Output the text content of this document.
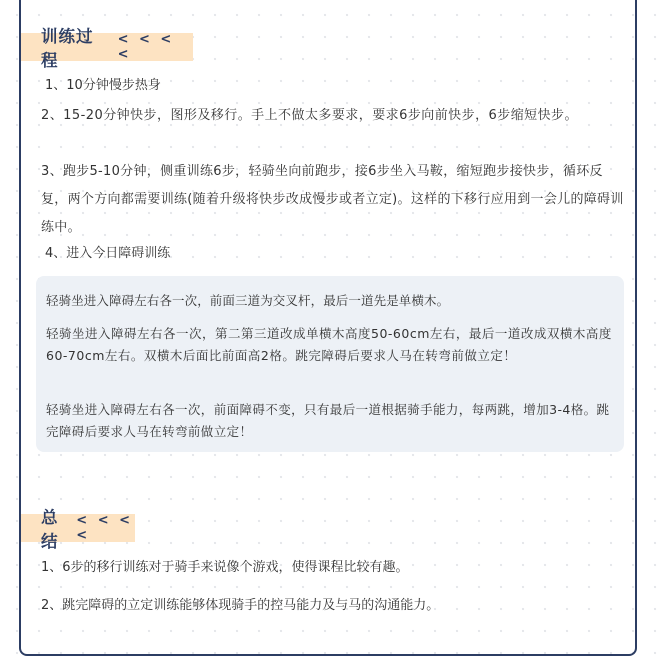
训练过程
< < < <

1、10分钟慢步热身

2、15-20分钟快步，图形及移行。手上不做太多要求，要求6步向前快步，6步缩短快步。

3、跑步5-10分钟，侧重训练6步，轻骑坐向前跑步，接6步坐入马鞍，缩短跑步接快步，循环反复，两个方向都需要训练(随着升级将快步改成慢步或者立定)。这样的下移行应用到一会儿的障碍训练中。

4、进入今日障碍训练

轻骑坐进入障碍左右各一次，前面三道为交叉杆，最后一道先是单横木。

轻骑坐进入障碍左右各一次，第二第三道改成单横木高度50-60cm左右，最后一道改成双横木高度60-70cm左右。双横木后面比前面高2格。跳完障碍后要求人马在转弯前做立定！

轻骑坐进入障碍左右各一次，前面障碍不变，只有最后一道根据骑手能力，每两跳，增加3-4格。跳完障碍后要求人马在转弯前做立定！

总结
< < < <

1、6步的移行训练对于骑手来说像个游戏，使得课程比较有趣。

2、跳完障碍的立定训练能够体现骑手的控马能力及与马的沟通能力。
